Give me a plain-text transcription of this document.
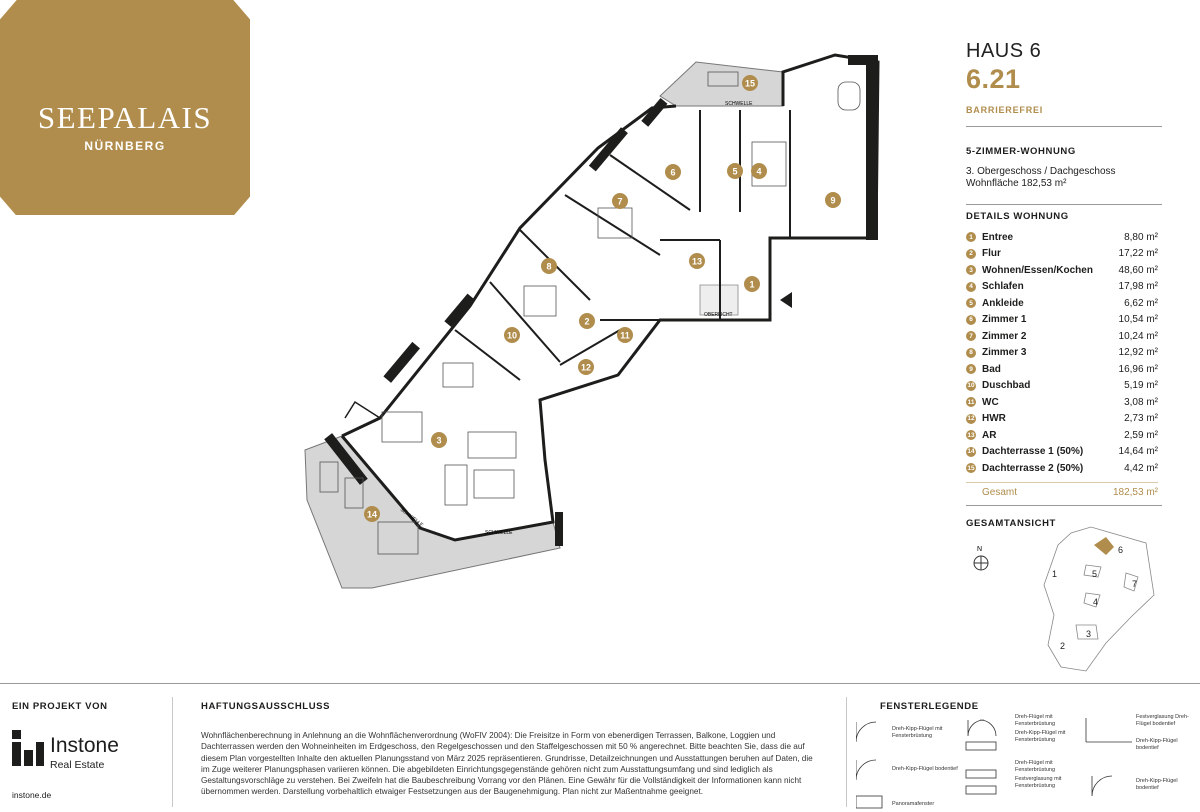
SEEPALAIS
NÜRNBERG
1
2
3
4
5
6
7
8
9
10	11
12
13
14
15
SCHWELLE
SCHWELLE
SCHWELLE
OBERLICHT
HAUS 6
6.21
BARRIEREFREI
5-ZIMMER-WOHNUNG
3. Obergeschoss / Dachgeschoss
Wohnfläche 182,53 m²
DETAILS WOHNUNG
1 Entree	8,80 m²
2 Flur	17,22 m²
3 Wohnen/Essen/Kochen	48,60 m²
4 Schlafen	17,98 m²
5 Ankleide	6,62 m²
6 Zimmer 1	10,54 m²
7 Zimmer 2	10,24 m²
8 Zimmer 3	12,92 m²
9 Bad	16,96 m²
10 Duschbad	5,19 m²
11 WC	3,08 m²
12 HWR	2,73 m²
13 AR	2,59 m²
14 Dachterrasse 1 (50%)	14,64 m²
15 Dachterrasse 2 (50%)	4,42 m²
Gesamt	182,53 m²
GESAMTANSICHT
N
1
2
3
4
5
6
7
EIN PROJEKT VON
Instone
Real Estate
instone.de
HAFTUNGSAUSSCHLUSS
Wohnflächenberechnung in Anlehnung an die Wohnflächenverordnung (WoFlV 2004): Die Freisitze in Form von ebenerdigen Terrassen, Balkone, Loggien und Dachterrassen werden den Wohneinheiten im Erdgeschoss, den Regelgeschossen und den Staffelgeschossen mit 50 % angerechnet. Bitte beachten Sie, dass die auf diesem Plan vorgestellten Inhalte den aktuellen Planungsstand von März 2025 repräsentieren. Grundrisse, Detailzeichnungen und Ausstattungen beruhen auf Daten, die im Zuge weiterer Planungsphasen variieren können. Die abgebildeten Einrichtungsgegenstände gehören nicht zum Ausstattungsumfang und sind lediglich als Gestaltungsvorschläge zu verstehen. Bei Zweifeln hat die Baubeschreibung Vorrang vor den Plänen. Eine Gewähr für die Vollständigkeit der Informationen kann nicht übernommen werden. Darstellung vorbehaltlich etwaiger Festsetzungen aus der Baugenehmigung. Plan nicht zur Maßentnahme geeignet.
FENSTERLEGENDE
Dreh-Kipp-Flügel mit Fensterbrüstung
Dreh-Kipp-Flügel bodentief
Panoramafenster
Dreh-Flügel mit Fensterbrüstung
Dreh-Kipp-Flügel mit Fensterbrüstung
Dreh-Flügel mit Fensterbrüstung
Festverglasung mit Fensterbrüstung
Festverglasung Dreh-Flügel bodentief
Dreh-Kipp-Flügel bodentief
Dreh-Kipp-Flügel bodentief
